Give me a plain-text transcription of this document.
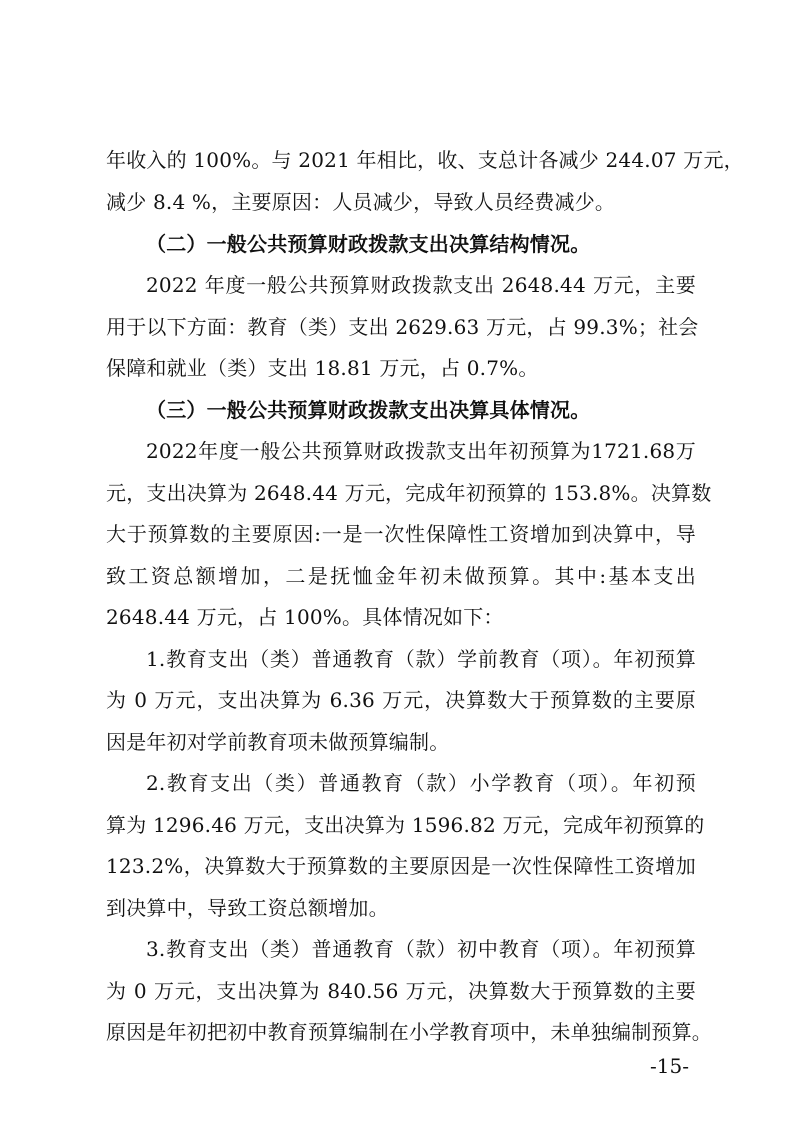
年收入的 100%。与 2021 年相比，收、支总计各减少 244.07 万元，
减少 8.4 %，主要原因：人员减少，导致人员经费减少。
（二）一般公共预算财政拨款支出决算结构情况。
2022 年度一般公共预算财政拨款支出 2648.44 万元，主要
用于以下方面：教育（类）支出 2629.63 万元，占 99.3%；社会
保障和就业（类）支出 18.81 万元，占 0.7%。
（三）一般公共预算财政拨款支出决算具体情况。
2022年度一般公共预算财政拨款支出年初预算为1721.68万
元，支出决算为 2648.44 万元，完成年初预算的 153.8%。决算数
大于预算数的主要原因:一是一次性保障性工资增加到决算中，导
致工资总额增加，二是抚恤金年初未做预算。其中:基本支出
2648.44 万元，占 100%。具体情况如下：
1.教育支出（类）普通教育（款）学前教育（项）。年初预算
为 0 万元，支出决算为 6.36 万元，决算数大于预算数的主要原
因是年初对学前教育项未做预算编制。
2.教育支出（类）普通教育（款）小学教育（项）。年初预
算为 1296.46 万元，支出决算为 1596.82 万元，完成年初预算的
123.2%，决算数大于预算数的主要原因是一次性保障性工资增加
到决算中，导致工资总额增加。
3.教育支出（类）普通教育（款）初中教育（项）。年初预算
为 0 万元，支出决算为 840.56 万元，决算数大于预算数的主要
原因是年初把初中教育预算编制在小学教育项中，未单独编制预算。
-15-
